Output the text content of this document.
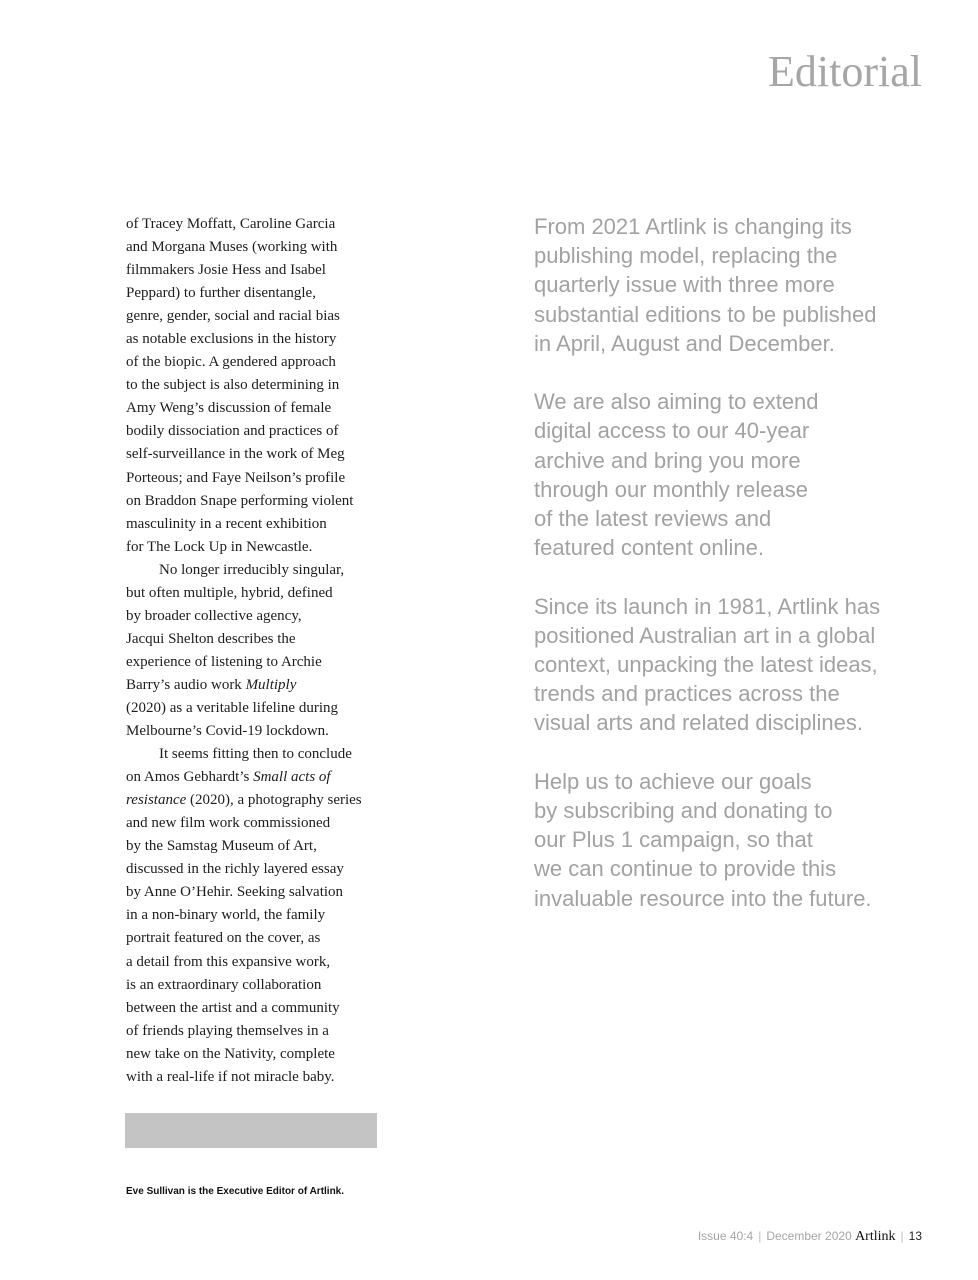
Editorial
of Tracey Moffatt, Caroline Garcia
and Morgana Muses (working with
filmmakers Josie Hess and Isabel
Peppard) to further disentangle,
genre, gender, social and racial bias
as notable exclusions in the history
of the biopic. A gendered approach
to the subject is also determining in
Amy Weng’s discussion of female
bodily dissociation and practices of
self-surveillance in the work of Meg
Porteous; and Faye Neilson’s profile
on Braddon Snape performing violent
masculinity in a recent exhibition
for The Lock Up in Newcastle.
No longer irreducibly singular,
but often multiple, hybrid, defined
by broader collective agency,
Jacqui Shelton describes the
experience of listening to Archie
Barry’s audio work Multiply
(2020) as a veritable lifeline during
Melbourne’s Covid-19 lockdown.
It seems fitting then to conclude
on Amos Gebhardt’s Small acts of
resistance (2020), a photography series
and new film work commissioned
by the Samstag Museum of Art,
discussed in the richly layered essay
by Anne O’Hehir. Seeking salvation
in a non-binary world, the family
portrait featured on the cover, as
a detail from this expansive work,
is an extraordinary collaboration
between the artist and a community
of friends playing themselves in a
new take on the Nativity, complete
with a real-life if not miracle baby.
From 2021 Artlink is changing its
publishing model, replacing the
quarterly issue with three more
substantial editions to be published
in April, August and December.
We are also aiming to extend
digital access to our 40-year
archive and bring you more
through our monthly release
of the latest reviews and
featured content online.
Since its launch in 1981, Artlink has
positioned Australian art in a global
context, unpacking the latest ideas,
trends and practices across the
visual arts and related disciplines.
Help us to achieve our goals
by subscribing and donating to
our Plus 1 campaign, so that
we can continue to provide this
invaluable resource into the future.
Eve Sullivan is the Executive Editor of Artlink.
Issue 40:4 | December 2020 Artlink | 13
